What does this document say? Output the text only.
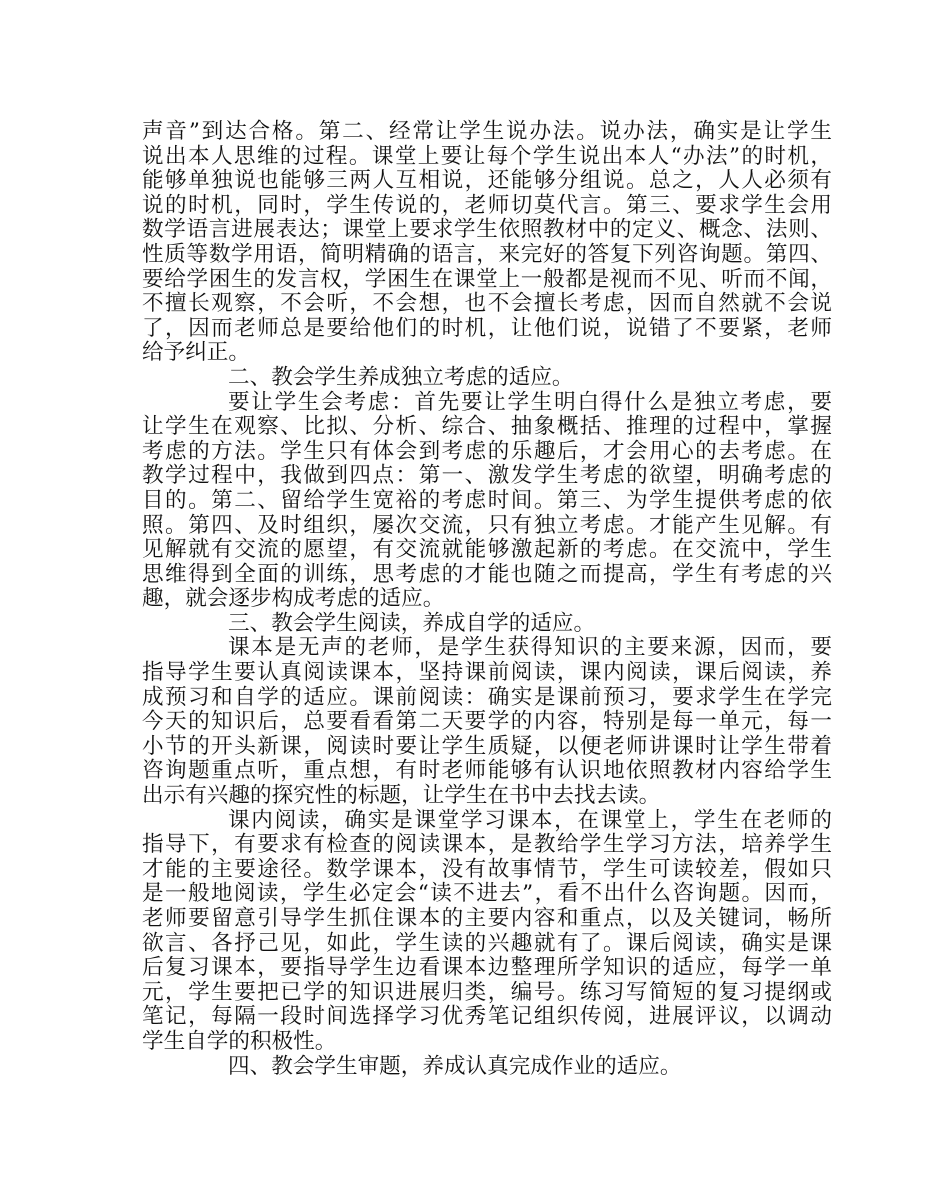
声音”到达合格。第二、经常让学生说办法。说办法，确实是让学生
说出本人思维的过程。课堂上要让每个学生说出本人“办法”的时机，
能够单独说也能够三两人互相说，还能够分组说。总之，人人必须有
说的时机，同时，学生传说的，老师切莫代言。第三、要求学生会用
数学语言进展表达；课堂上要求学生依照教材中的定义、概念、法则、
性质等数学用语，简明精确的语言，来完好的答复下列咨询题。第四、
要给学困生的发言权，学困生在课堂上一般都是视而不见、听而不闻，
不擅长观察，不会听，不会想，也不会擅长考虑，因而自然就不会说
了，因而老师总是要给他们的时机，让他们说，说错了不要紧，老师
给予纠正。
二、教会学生养成独立考虑的适应。
要让学生会考虑：首先要让学生明白得什么是独立考虑，要
让学生在观察、比拟、分析、综合、抽象概括、推理的过程中，掌握
考虑的方法。学生只有体会到考虑的乐趣后，才会用心的去考虑。在
教学过程中，我做到四点：第一、激发学生考虑的欲望，明确考虑的
目的。第二、留给学生宽裕的考虑时间。第三、为学生提供考虑的依
照。第四、及时组织，屡次交流，只有独立考虑。才能产生见解。有
见解就有交流的愿望，有交流就能够激起新的考虑。在交流中，学生
思维得到全面的训练，思考虑的才能也随之而提高，学生有考虑的兴
趣，就会逐步构成考虑的适应。
三、教会学生阅读，养成自学的适应。
课本是无声的老师，是学生获得知识的主要来源，因而，要
指导学生要认真阅读课本，坚持课前阅读，课内阅读，课后阅读，养
成预习和自学的适应。课前阅读：确实是课前预习，要求学生在学完
今天的知识后，总要看看第二天要学的内容，特别是每一单元，每一
小节的开头新课，阅读时要让学生质疑，以便老师讲课时让学生带着
咨询题重点听，重点想，有时老师能够有认识地依照教材内容给学生
出示有兴趣的探究性的标题，让学生在书中去找去读。
课内阅读，确实是课堂学习课本，在课堂上，学生在老师的
指导下，有要求有检查的阅读课本，是教给学生学习方法，培养学生
才能的主要途径。数学课本，没有故事情节，学生可读较差，假如只
是一般地阅读，学生必定会“读不进去”，看不出什么咨询题。因而，
老师要留意引导学生抓住课本的主要内容和重点，以及关键词，畅所
欲言、各抒己见，如此，学生读的兴趣就有了。课后阅读，确实是课
后复习课本，要指导学生边看课本边整理所学知识的适应，每学一单
元，学生要把已学的知识进展归类，编号。练习写简短的复习提纲或
笔记，每隔一段时间选择学习优秀笔记组织传阅，进展评议，以调动
学生自学的积极性。
四、教会学生审题，养成认真完成作业的适应。
